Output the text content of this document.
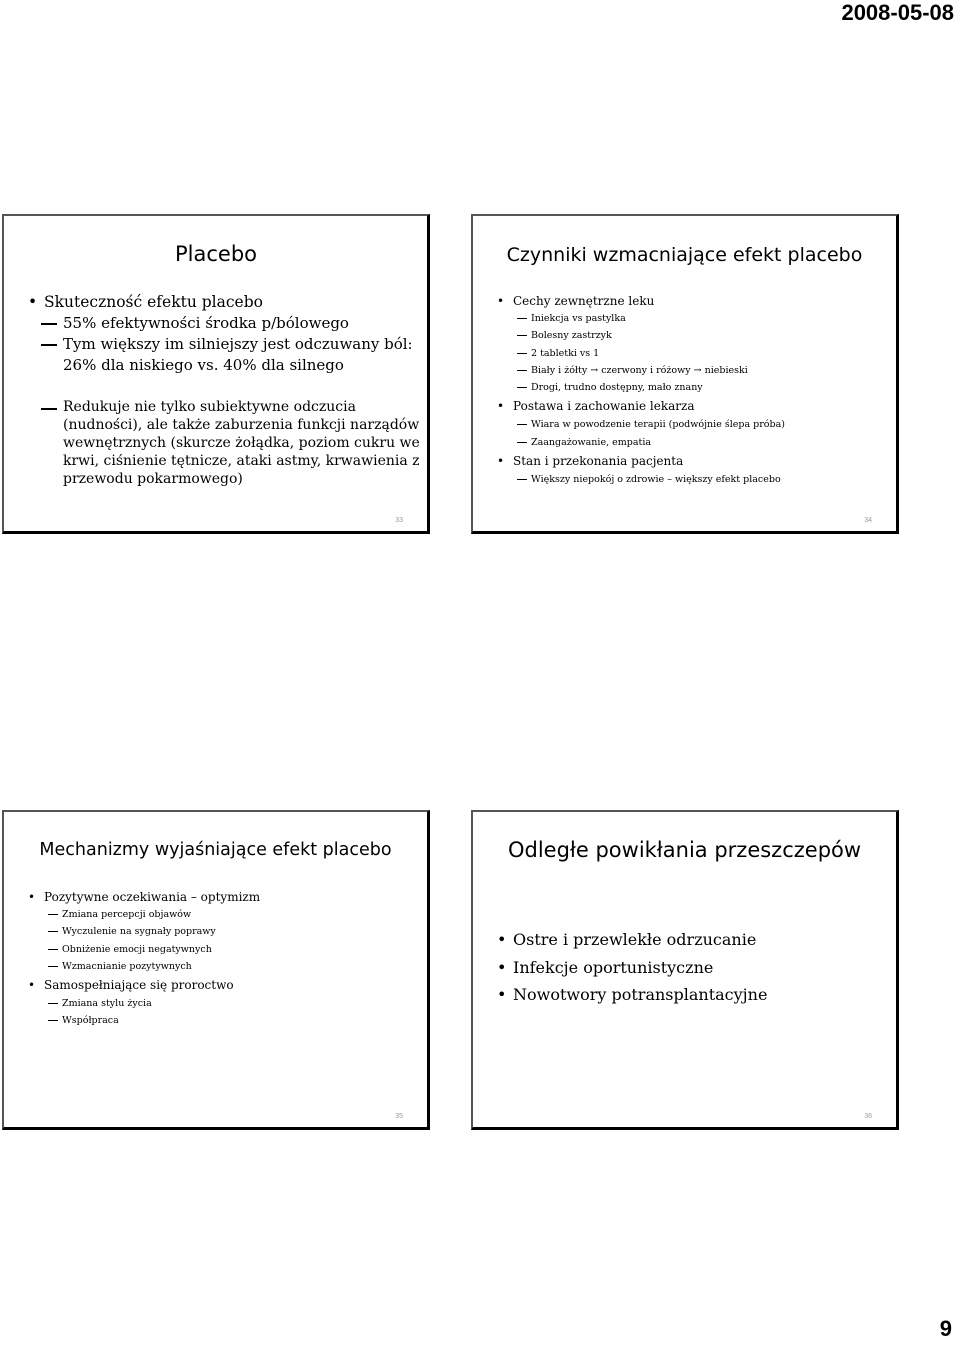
2008-05-08
Placebo
• Skuteczność efektu placebo
55% efektywności środka p/bólowego
Tym większy im silniejszy jest odczuwany ból: 26% dla niskiego vs. 40% dla silnego
Redukuje nie tylko subiektywne odczucia (nudności), ale także zaburzenia funkcji narządów wewnętrznych (skurcze żołądka, poziom cukru we krwi, ciśnienie tętnicze, ataki astmy, krwawienia z przewodu pokarmowego)
33
Czynniki wzmacniające efekt placebo
• Cechy zewnętrzne leku
Iniekcja vs pastylka
Bolesny zastrzyk
2 tabletki vs 1
Biały i żółty → czerwony i różowy → niebieski
Drogi, trudno dostępny, mało znany
• Postawa i zachowanie lekarza
Wiara w powodzenie terapii (podwójnie ślepa próba)
Zaangażowanie, empatia
• Stan i przekonania pacjenta
Większy niepokój o zdrowie – większy efekt placebo
34
Mechanizmy wyjaśniające efekt placebo
• Pozytywne oczekiwania – optymizm
Zmiana percepcji objawów
Wyczulenie na sygnały poprawy
Obniżenie emocji negatywnych
Wzmacnianie pozytywnych
• Samospełniające się proroctwo
Zmiana stylu życia
Współpraca
35
Odległe powikłania przeszczepów
• Ostre i przewlekłe odrzucanie
• Infekcje oportunistyczne
• Nowotwory potransplantacyjne
36
9
